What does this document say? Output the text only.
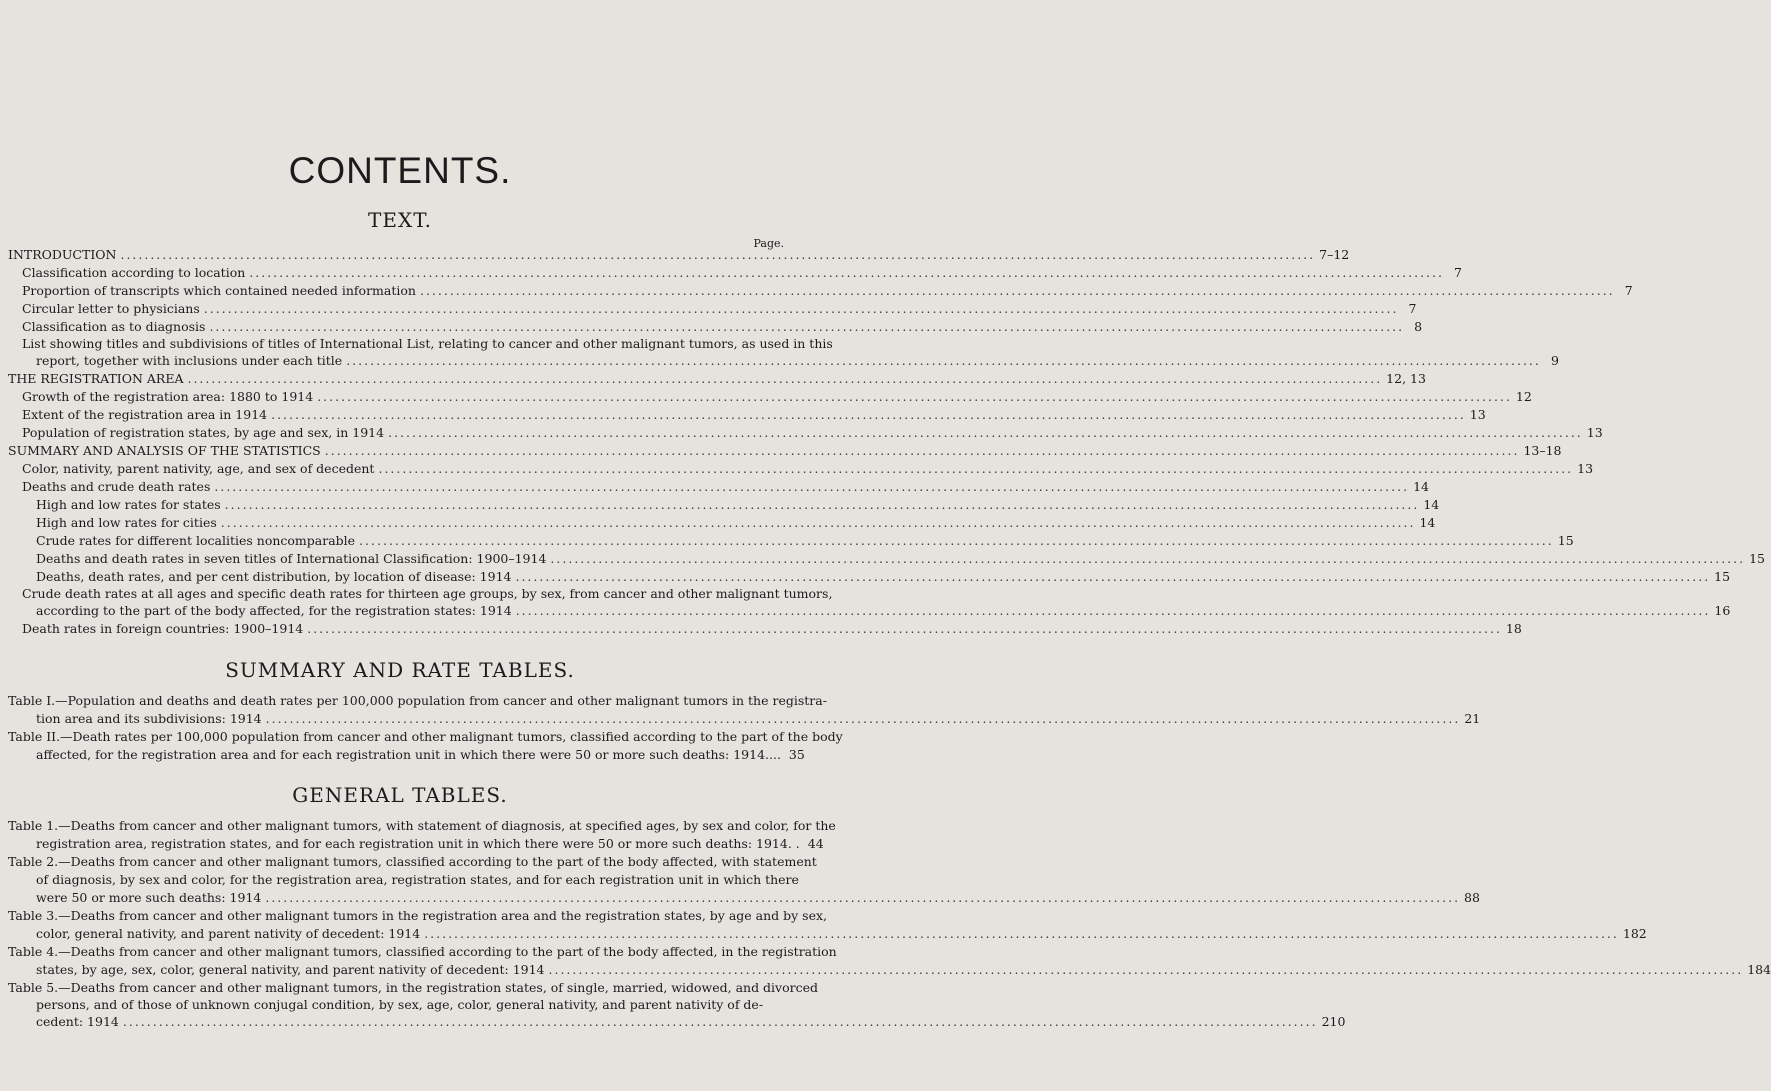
CONTENTS.
TEXT.
Page.
INTRODUCTION ........................................................................................................................................................................................................ 7–12
Classification according to location ........................................................................................................................................................................................................ 7
Proportion of transcripts which contained needed information ........................................................................................................................................................................................................ 7
Circular letter to physicians ........................................................................................................................................................................................................ 7
Classification as to diagnosis ........................................................................................................................................................................................................ 8
List showing titles and subdivisions of titles of International List, relating to cancer and other malignant tumors, as used in this
report, together with inclusions under each title ........................................................................................................................................................................................................ 9
THE REGISTRATION AREA ........................................................................................................................................................................................................ 12, 13
Growth of the registration area: 1880 to 1914 ........................................................................................................................................................................................................ 12
Extent of the registration area in 1914 ........................................................................................................................................................................................................ 13
Population of registration states, by age and sex, in 1914 ........................................................................................................................................................................................................ 13
SUMMARY AND ANALYSIS OF THE STATISTICS ........................................................................................................................................................................................................ 13–18
Color, nativity, parent nativity, age, and sex of decedent ........................................................................................................................................................................................................ 13
Deaths and crude death rates ........................................................................................................................................................................................................ 14
High and low rates for states ........................................................................................................................................................................................................ 14
High and low rates for cities ........................................................................................................................................................................................................ 14
Crude rates for different localities noncomparable ........................................................................................................................................................................................................ 15
Deaths and death rates in seven titles of International Classification: 1900–1914 ........................................................................................................................................................................................................ 15
Deaths, death rates, and per cent distribution, by location of disease: 1914 ........................................................................................................................................................................................................ 15
Crude death rates at all ages and specific death rates for thirteen age groups, by sex, from cancer and other malignant tumors,
according to the part of the body affected, for the registration states: 1914 ........................................................................................................................................................................................................ 16
Death rates in foreign countries: 1900–1914 ........................................................................................................................................................................................................ 18
SUMMARY AND RATE TABLES.
Table I.—Population and deaths and death rates per 100,000 population from cancer and other malignant tumors in the registra-
tion area and its subdivisions: 1914 ........................................................................................................................................................................................................ 21
Table II.—Death rates per 100,000 population from cancer and other malignant tumors, classified according to the part of the body
affected, for the registration area and for each registration unit in which there were 50 or more such deaths: 1914.... 35
GENERAL TABLES.
Table 1.—Deaths from cancer and other malignant tumors, with statement of diagnosis, at specified ages, by sex and color, for the
registration area, registration states, and for each registration unit in which there were 50 or more such deaths: 1914. . 44
Table 2.—Deaths from cancer and other malignant tumors, classified according to the part of the body affected, with statement
of diagnosis, by sex and color, for the registration area, registration states, and for each registration unit in which there
were 50 or more such deaths: 1914 ........................................................................................................................................................................................................ 88
Table 3.—Deaths from cancer and other malignant tumors in the registration area and the registration states, by age and by sex,
color, general nativity, and parent nativity of decedent: 1914 ........................................................................................................................................................................................................ 182
Table 4.—Deaths from cancer and other malignant tumors, classified according to the part of the body affected, in the registration
states, by age, sex, color, general nativity, and parent nativity of decedent: 1914 ........................................................................................................................................................................................................ 184
Table 5.—Deaths from cancer and other malignant tumors, in the registration states, of single, married, widowed, and divorced
persons, and of those of unknown conjugal condition, by sex, age, color, general nativity, and parent nativity of de-
cedent: 1914 ........................................................................................................................................................................................................ 210
